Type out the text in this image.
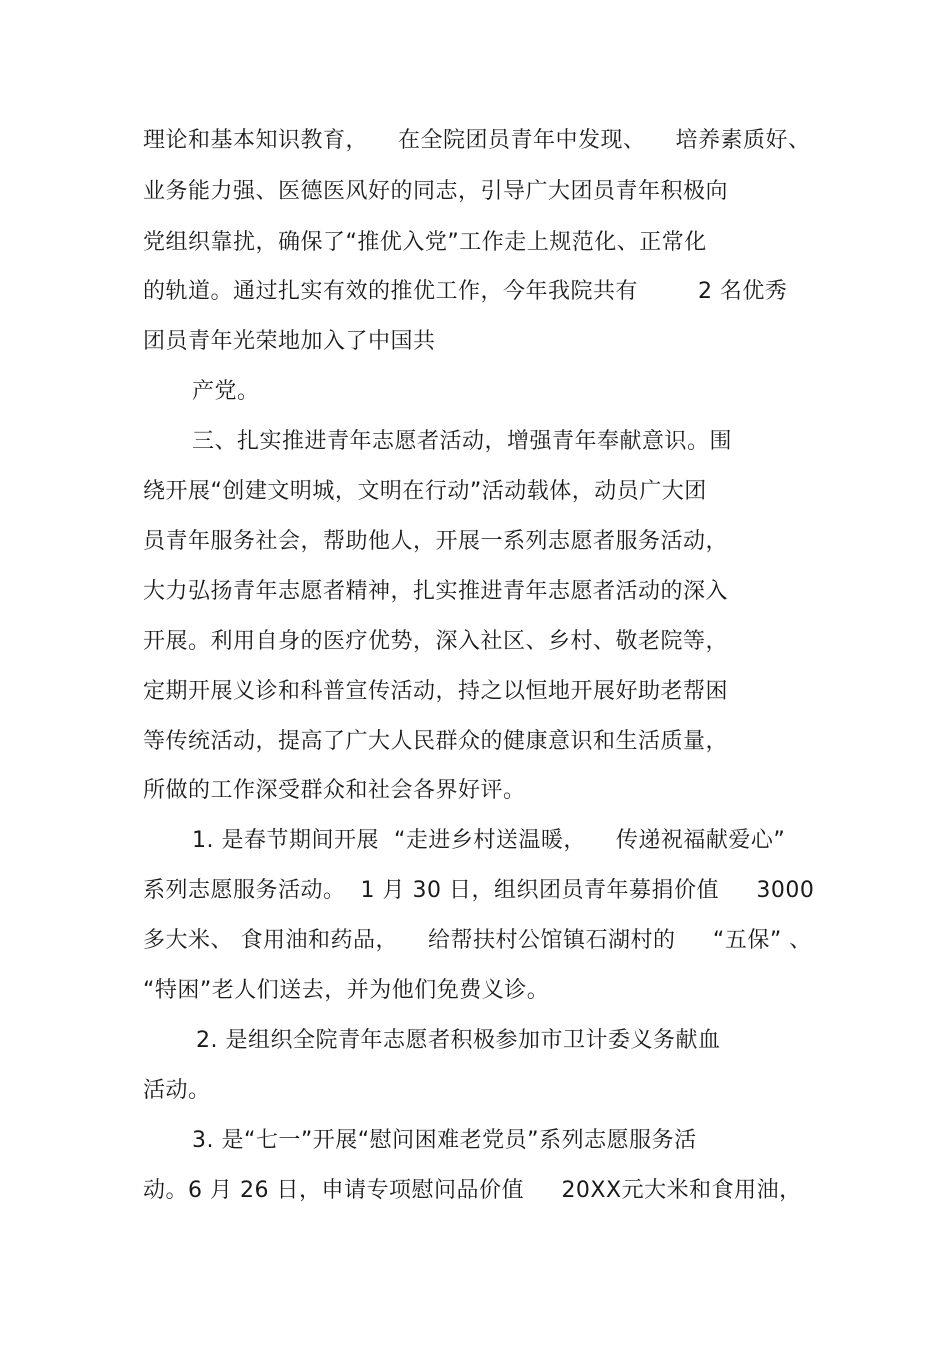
理论和基本知识教育，    在全院团员青年中发现、    培养素质好、
业务能力强、医德医风好的同志，引导广大团员青年积极向
党组织靠扰，确保了“推优入党”工作走上规范化、正常化
的轨道。通过扎实有效的推优工作，今年我院共有        2 名优秀
团员青年光荣地加入了中国共
产党。
三、扎实推进青年志愿者活动，增强青年奉献意识。围
绕开展“创建文明城，文明在行动”活动载体，动员广大团
员青年服务社会，帮助他人，开展一系列志愿者服务活动，
大力弘扬青年志愿者精神，扎实推进青年志愿者活动的深入
开展。利用自身的医疗优势，深入社区、乡村、敬老院等，
定期开展义诊和科普宣传活动，持之以恒地开展好助老帮困
等传统活动，提高了广大人民群众的健康意识和生活质量，
所做的工作深受群众和社会各界好评。
1. 是春节期间开展  “走进乡村送温暖，    传递祝福献爱心”
系列志愿服务活动。  1 月 30 日，组织团员青年募捐价值     3000
多大米、 食用油和药品，    给帮扶村公馆镇石湖村的     “五保” 、
“特困”老人们送去，并为他们免费义诊。
2. 是组织全院青年志愿者积极参加市卫计委义务献血
活动。
3. 是“七一”开展“慰问困难老党员”系列志愿服务活
动。6 月 26 日，申请专项慰问品价值     20XX元大米和食用油，
